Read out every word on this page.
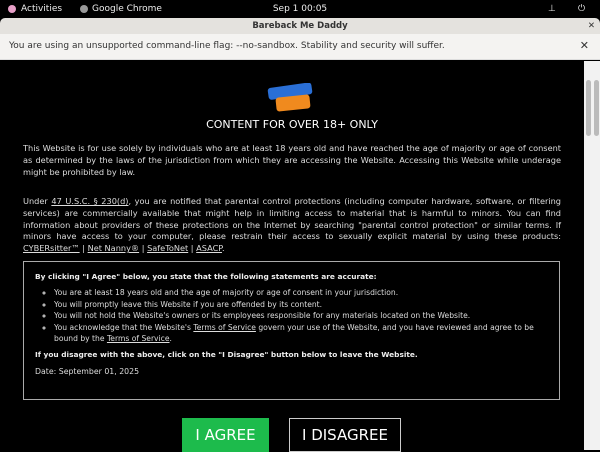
Activities	Google Chrome	Sep 1 00:05	⊥ ⏻
Bareback Me Daddy	✕
You are using an unsupported command-line flag: --no-sandbox. Stability and security will suffer.	✕
CONTENT FOR OVER 18+ ONLY
This Website is for use solely by individuals who are at least 18 years old and have reached the age of majority or age of consent as determined by the laws of the jurisdiction from which they are accessing the Website. Accessing this Website while underage might be prohibited by law.
Under 47 U.S.C. § 230(d), you are notified that parental control protections (including computer hardware, software, or filtering services) are commercially available that might help in limiting access to material that is harmful to minors. You can find information about providers of these protections on the Internet by searching "parental control protection" or similar terms. If minors have access to your computer, please restrain their access to sexually explicit material by using these products: CYBERsitter™ | Net Nanny® | SafeToNet | ASACP.
By clicking "I Agree" below, you state that the following statements are accurate:
◦ You are at least 18 years old and the age of majority or age of consent in your jurisdiction.
◦ You will promptly leave this Website if you are offended by its content.
◦ You will not hold the Website's owners or its employees responsible for any materials located on the Website.
◦ You acknowledge that the Website's Terms of Service govern your use of the Website, and you have reviewed and agree to be bound by the Terms of Service.
If you disagree with the above, click on the "I Disagree" button below to leave the Website.
Date: September 01, 2025
I AGREE	I DISAGREE
